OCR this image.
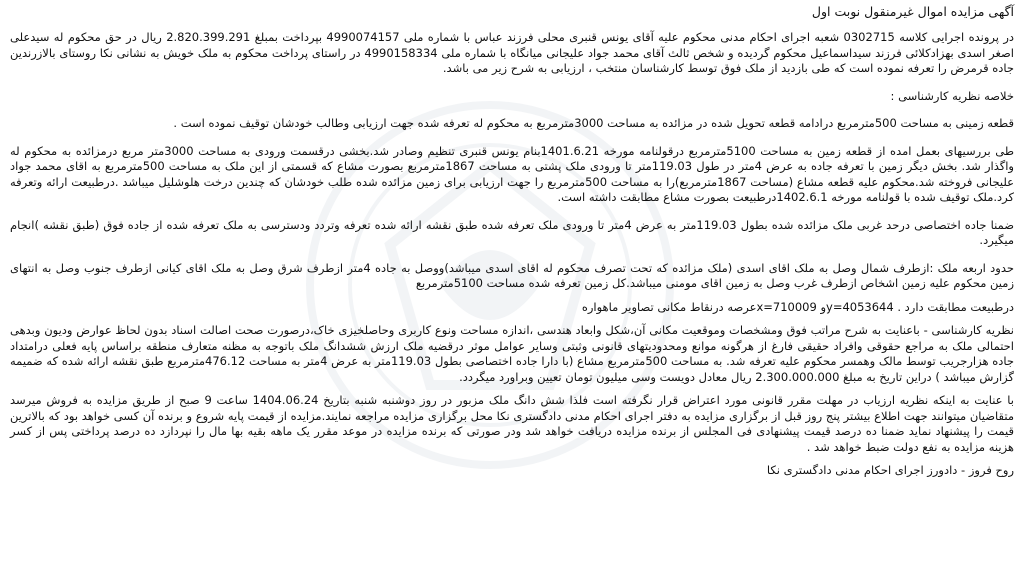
آگهی مزایده اموال غیرمنقول نوبت اول

در پرونده اجرایی کلاسه 0302715 شعبه اجرای احکام مدنی محکوم علیه آقای یونس قنبری محلی فرزند عباس با شماره ملی 4990074157 بپرداخت بمبلغ 2.820.399.291 ریال در حق محکوم له سیدعلی اصغر اسدی بهزادکلائی فرزند سیداسماعیل محکوم گردیده و شخص ثالث آقای محمد جواد علیجانی میانگاه با شماره ملی 4990158334 در راستای پرداخت محکوم به ملک خویش به نشانی نکا روستای بالازرندین جاده قرمرض را تعرفه نموده است که طی بازدید از ملک فوق توسط کارشناسان منتخب ، ارزیابی به شرح زیر می باشد.

خلاصه نظریه کارشناسی :

قطعه زمینی به مساحت 500مترمربع درادامه قطعه تحویل شده در مزائده به مساحت 3000مترمربع به محکوم له تعرفه شده جهت ارزیابی وطالب خودشان توقیف نموده است .

طی بررسیهای بعمل امده از قطعه زمین به مساحت 5100مترمربع درقولنامه مورخه 1401.6.21بنام یونس قنبری تنظیم وصادر شد.بخشی درقسمت ورودی به مساحت 3000متر مربع درمزائده به محکوم له واگذار شد. بخش دیگر زمین با تعرفه جاده به عرض 4متر در طول 119.03متر تا ورودی ملک پشتی به مساحت 1867مترمربع بصورت مشاع که قسمتی از این ملک به مساحت 500مترمربع به اقای محمد جواد علیجانی فروخته شد.محکوم علیه قطعه مشاع (مساحت 1867مترمربع)را به مساحت 500مترمربع را جهت ارزیابی برای زمین مزائده شده طلب خودشان که چندین درخت هلوشلیل میباشد .درطبیعت ارائه وتعرفه کرد.ملک توقیف شده با قولنامه مورخه 1402.6.1درطبیعت بصورت مشاع مطابقت داشته است.

ضمنا جاده اختصاصی درحد غربی ملک مزائده شده بطول 119.03متر به عرض 4متر تا ورودی ملک تعرفه شده طبق نقشه ارائه شده تعرفه وتردد ودسترسی به ملک تعرفه شده از جاده فوق (طبق نقشه )انجام میگیرد.

حدود اربعه ملک :ازطرف شمال وصل به ملک اقای اسدی (ملک مزائده که تحت تصرف محکوم له اقای اسدی میباشد)ووصل به جاده 4متر ازطرف شرق وصل به ملک اقای کیانی ازطرف جنوب وصل به انتهای زمین محکوم علیه زمین اشخاص ازطرف غرب وصل به زمین اقای مومنی میباشد.کل زمین تعرفه شده مساحت 5100مترمربع

درطبیعت مطابقت دارد . y=4053644و x=710009عرصه درنقاط مکانی تصاویر ماهواره

نظریه کارشناسی - باعنایت به شرح مراتب فوق ومشخصات وموقعیت مکانی آن،شکل وابعاد هندسی ،اندازه مساحت ونوع کاربری وحاصلخیزی خاک،درصورت صحت اصالت اسناد بدون لحاظ عوارض ودیون وبدهی احتمالی ملک به مراجع حقوقی وافراد حقیقی فارغ از هرگونه موانع ومحدودیتهای قانونی وثبتی وسایر عوامل موثر درقضیه ملک ارزش ششدانگ ملک باتوجه به مظنه متعارف منطقه براساس پایه فعلی درامتداد جاده هزارجریب توسط مالک وهمسر محکوم علیه تعرفه شد. به مساحت 500مترمربع مشاع (با دارا جاده اختصاصی بطول 119.03متر به عرض 4متر به مساحت 476.12مترمربع طبق نقشه ارائه شده که ضمیمه گزارش میباشد ) دراین تاریخ به مبلغ 2.300.000.000 ریال معادل دویست وسی میلیون تومان تعیین وبراورد میگردد.

با عنایت به اینکه نظریه ارزیاب در مهلت مقرر قانونی مورد اعتراض قرار نگرفته است فلذا شش دانگ ملک مزبور در روز دوشنبه شنبه بتاریخ 1404.06.24 ساعت 9 صبح از طریق مزایده به فروش میرسد متقاضیان میتوانند جهت اطلاع بیشتر پنج روز قبل از برگزاری مزایده به دفتر اجرای احکام مدنی دادگستری نکا محل برگزاری مزایده مراجعه نمایند.مزایده از قیمت پایه شروع و برنده آن کسی خواهد بود که بالاترین قیمت را پیشنهاد نماید ضمنا ده درصد قیمت پیشنهادی فی المجلس از برنده مزایده دریافت خواهد شد ودر صورتی که برنده مزایده در موعد مقرر یک ماهه بقیه بها مال را نپردازد ده درصد پرداختی پس از کسر هزینه مزایده به نفع دولت ضبط خواهد شد .

روح فروز - دادورز اجرای احکام مدنی دادگستری نکا
